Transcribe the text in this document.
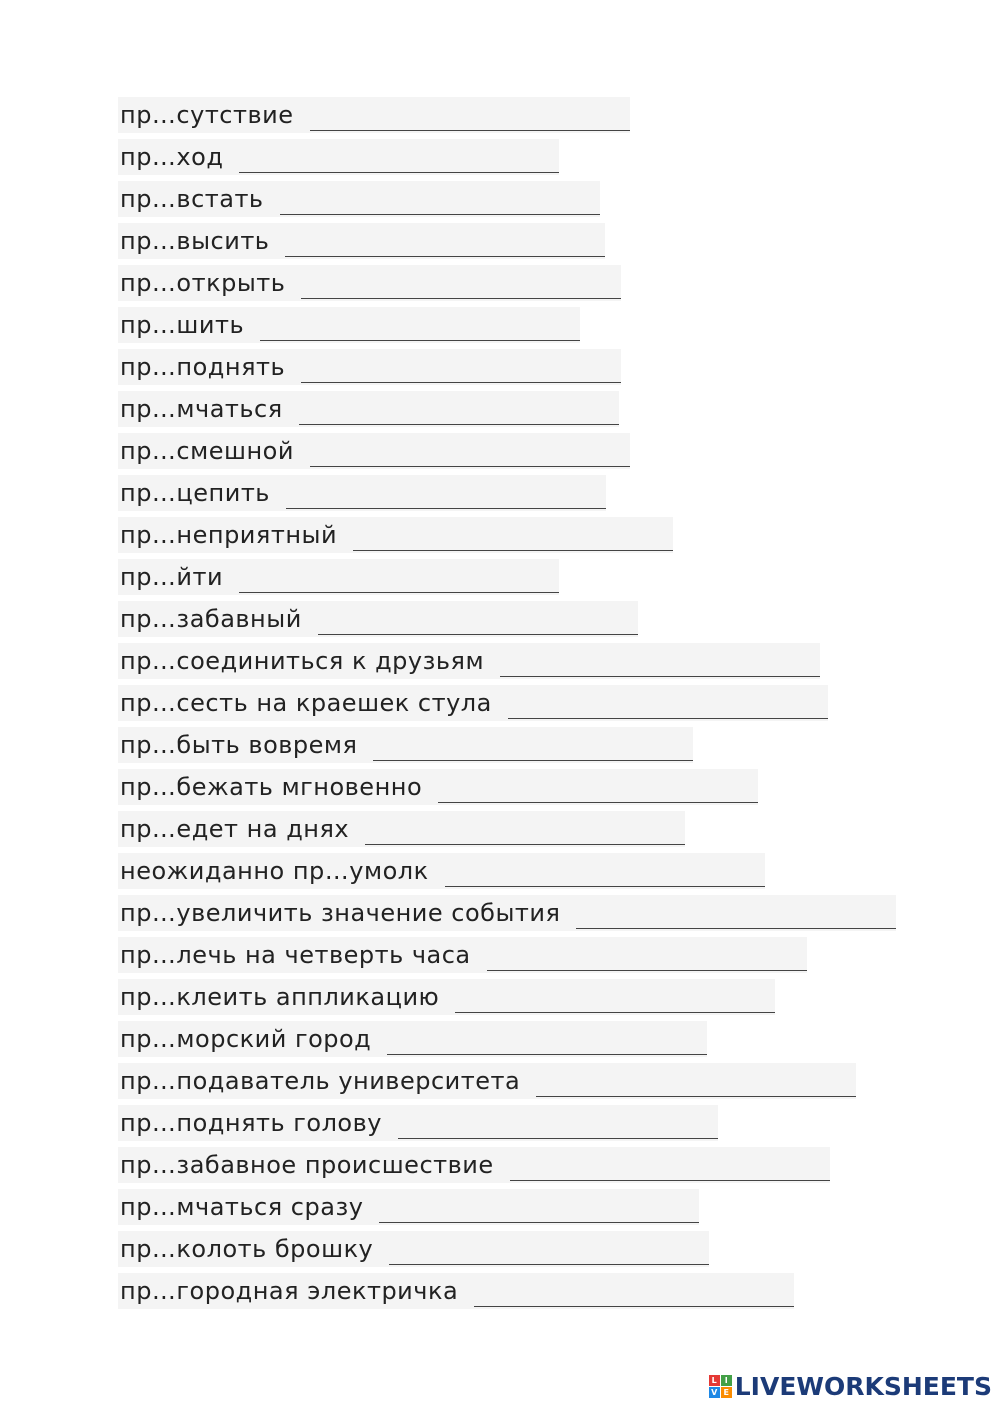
пр…сутствие
пр…ход
пр…встать
пр…высить
пр…открыть
пр…шить
пр…поднять
пр…мчаться
пр…смешной
пр…цепить
пр…неприятный
пр…йти
пр…забавный
пр…соединиться к друзьям
пр…сесть на краешек стула
пр…быть вовремя
пр…бежать мгновенно
пр…едет на днях
неожиданно пр…умолк
пр…увеличить значение события
пр…лечь на четверть часа
пр…клеить аппликацию
пр…морский город
пр…подаватель университета
пр…поднять голову
пр…забавное происшествие
пр…мчаться сразу
пр…колоть брошку
пр…городная электричка
L I
V E LIVEWORKSHEETS
